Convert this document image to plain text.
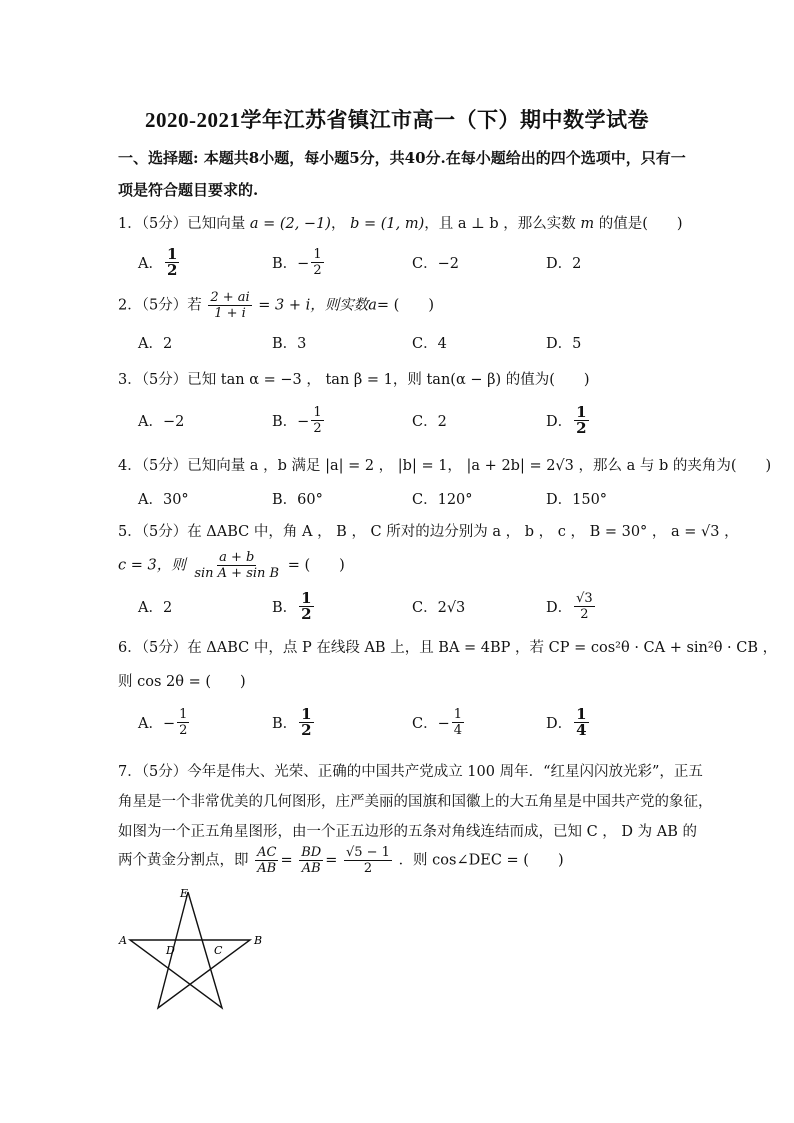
2020-2021学年江苏省镇江市高一（下）期中数学试卷
一、选择题: 本题共8小题，每小题5分，共40分.在每小题给出的四个选项中，只有一项是符合题目要求的.
1．（5分）已知向量 a = (2, −1)， b = (1, m)，且 a ⊥ b ，那么实数 m 的值是(　　)
A． $\frac{1}{2}$	B．− $\frac{1}{2}$	C．−2	D．2
2．（5分）若 $\frac{2 + ai}{1 + i} = 3 + i$，则实数a= (　　)
A．2	B．3	C．4	D．5
3．（5分）已知 tan α = −3 ， tan β = 1，则 tan(α − β) 的值为(　　)
A．−2	B．− $\frac{1}{2}$	C．2	D． $\frac{1}{2}$
4．（5分）已知向量 a ，b 满足 |a| = 2 ， |b| = 1， |a + 2b| = 2√3 ，那么 a 与 b 的夹角为(　　)
A．30°	B．60°	C．120°	D．150°
5．（5分）在 ΔABC 中，角 A ， B ， C 所对的边分别为 a ， b ， c ， B = 30° ， a = √3 ，
c = 3，则 $\frac{a + b}{\text{sin A + sin B}}$ = (　　)
A．2	B． $\frac{1}{2}$	C．2√3	D． $\frac{√3}{2}$
6．（5分）在 ΔABC 中，点 P 在线段 AB 上，且 BA = 4BP ，若 CP = cos²θ · CA + sin²θ · CB ，
则 cos 2θ = (　　)
A．− $\frac{1}{2}$	B． $\frac{1}{2}$	C．− $\frac{1}{4}$	D． $\frac{1}{4}$
7．（5分）今年是伟大、光荣、正确的中国共产党成立 100 周年．“红星闪闪放光彩”，正五
角星是一个非常优美的几何图形，庄严美丽的国旗和国徽上的大五角星是中国共产党的象征，
如图为一个正五角星图形，由一个正五边形的五条对角线连结而成，已知 C ， D 为 AB 的
两个黄金分割点，即 $\frac{AC}{AB} = \frac{BD}{AB} = \frac{√5 - 1}{2}$ ．则 cos∠DEC = (　　)
E
A	B
D	C
